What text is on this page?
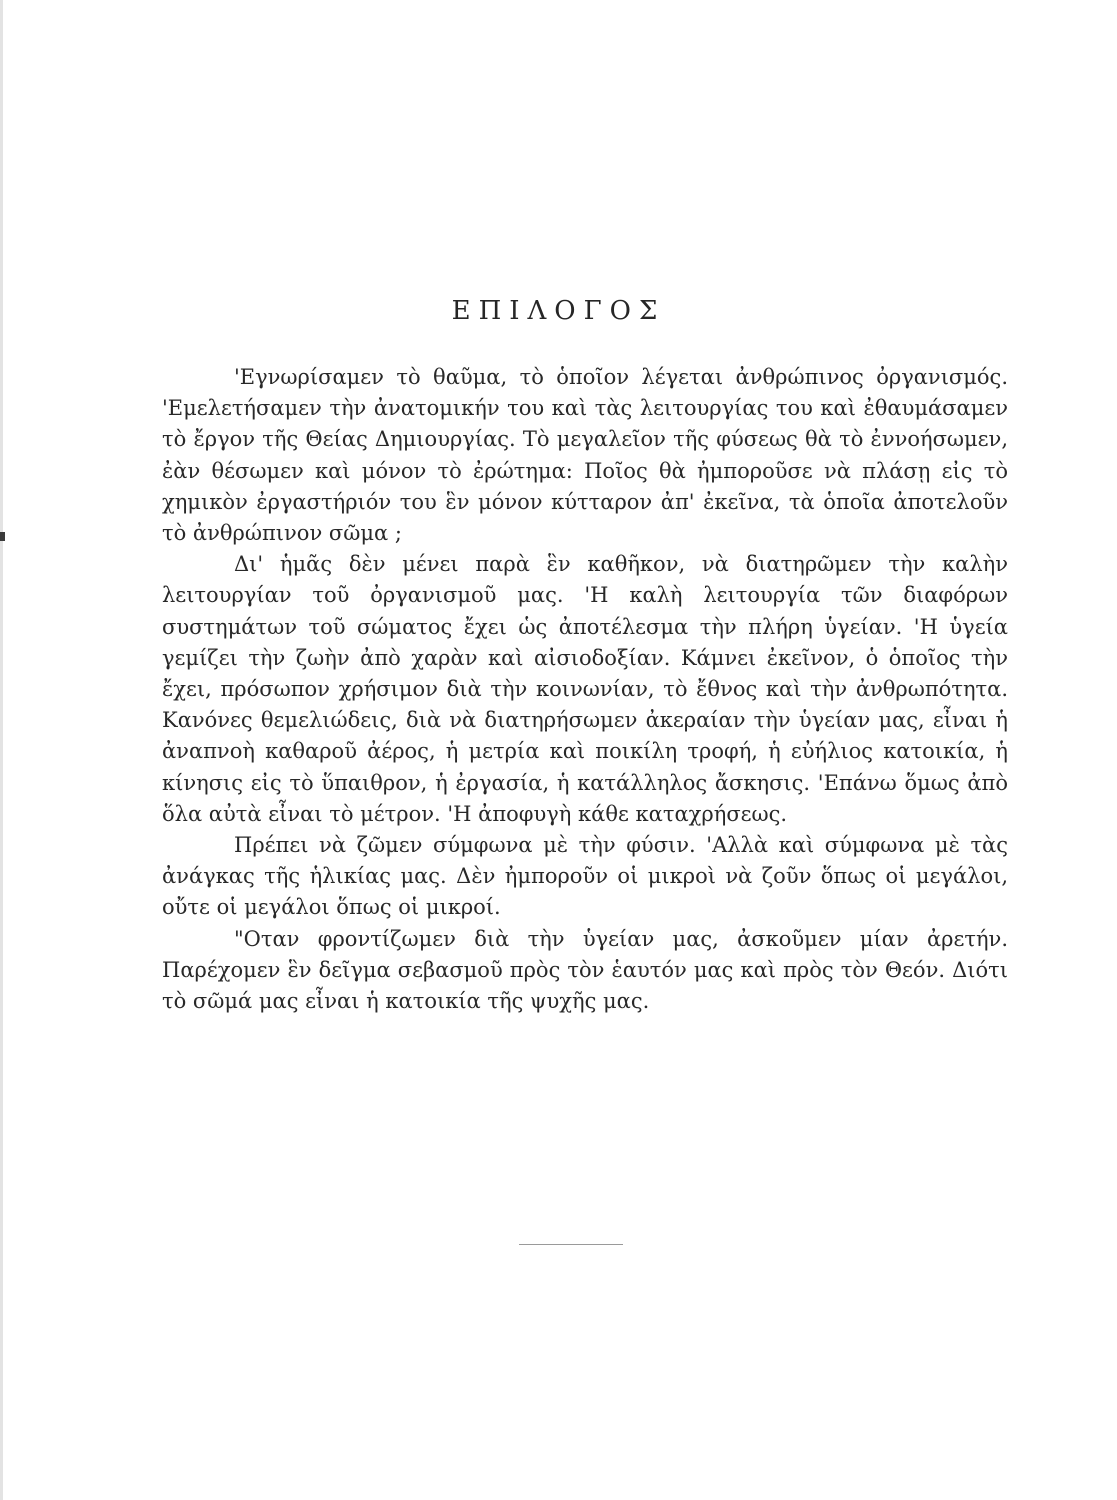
ΕΠΙΛΟΓΟΣ

'Εγνωρίσαμεν τὸ θαῦμα, τὸ ὁποῖον λέγεται ἀνθρώπινος ὀργανισμός. 'Εμελετήσαμεν τὴν ἀνατομικήν του καὶ τὰς λειτουργίας του καὶ ἐθαυμάσαμεν τὸ ἔργον τῆς Θείας Δημιουργίας. Τὸ μεγαλεῖον τῆς φύσεως θὰ τὸ ἐννοήσωμεν, ἐὰν θέσωμεν καὶ μόνον τὸ ἐρώτημα: Ποῖος θὰ ἠμποροῦσε νὰ πλάσῃ εἰς τὸ χημικὸν ἐργαστήριόν του ἓν μόνον κύτταρον ἀπ' ἐκεῖνα, τὰ ὁποῖα ἀποτελοῦν τὸ ἀνθρώπινον σῶμα ;

Δι' ἡμᾶς δὲν μένει παρὰ ἓν καθῆκον, νὰ διατηρῶμεν τὴν καλὴν λειτουργίαν τοῦ ὀργανισμοῦ μας. 'Η καλὴ λειτουργία τῶν διαφόρων συστημάτων τοῦ σώματος ἔχει ὡς ἀποτέλεσμα τὴν πλήρη ὑγείαν. 'Η ὑγεία γεμίζει τὴν ζωὴν ἀπὸ χαρὰν καὶ αἰσιοδοξίαν. Κάμνει ἐκεῖνον, ὁ ὁποῖος τὴν ἔχει, πρόσωπον χρήσιμον διὰ τὴν κοινωνίαν, τὸ ἔθνος καὶ τὴν ἀνθρωπότητα. Κανόνες θεμελιώδεις, διὰ νὰ διατηρήσωμεν ἀκεραίαν τὴν ὑγείαν μας, εἶναι ἡ ἀναπνοὴ καθαροῦ ἀέρος, ἡ μετρία καὶ ποικίλη τροφή, ἡ εὐήλιος κατοικία, ἡ κίνησις εἰς τὸ ὕπαιθρον, ἡ ἐργασία, ἡ κατάλληλος ἄσκησις. 'Επάνω ὅμως ἀπὸ ὅλα αὐτὰ εἶναι τὸ μέτρον. 'Η ἀποφυγὴ κάθε καταχρήσεως.

Πρέπει νὰ ζῶμεν σύμφωνα μὲ τὴν φύσιν. 'Αλλὰ καὶ σύμφωνα μὲ τὰς ἀνάγκας τῆς ἡλικίας μας. Δὲν ἠμποροῦν οἱ μικροὶ νὰ ζοῦν ὅπως οἱ μεγάλοι, οὔτε οἱ μεγάλοι ὅπως οἱ μικροί.

"Οταν φροντίζωμεν διὰ τὴν ὑγείαν μας, ἀσκοῦμεν μίαν ἀρετήν. Παρέχομεν ἓν δεῖγμα σεβασμοῦ πρὸς τὸν ἑαυτόν μας καὶ πρὸς τὸν Θεόν. Διότι τὸ σῶμά μας εἶναι ἡ κατοικία τῆς ψυχῆς μας.
